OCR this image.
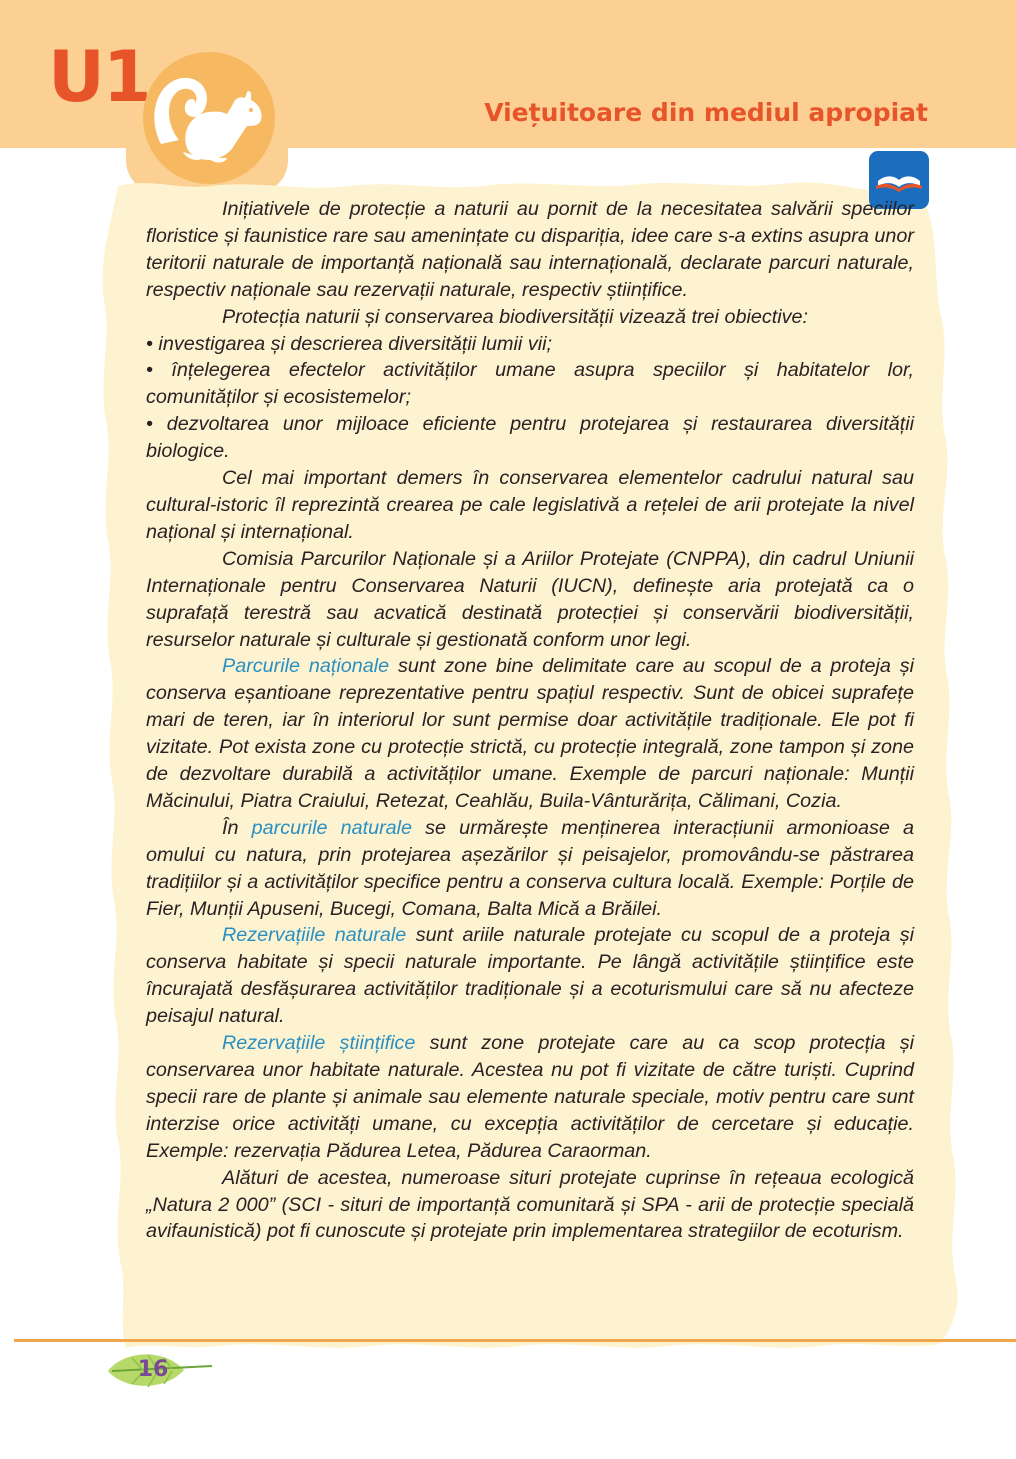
U1	Viețuitoare din mediul apropiat

Inițiativele de protecție a naturii au pornit de la necesitatea salvării speciilor floristice și faunistice rare sau amenințate cu dispariția, idee care s-a extins asupra unor teritorii naturale de importanță națională sau internațională, declarate parcuri naturale, respectiv naționale sau rezervații naturale, respectiv științifice.

Protecția naturii și conservarea biodiversității vizează trei obiective:

• investigarea și descrierea diversității lumii vii;

• înțelegerea efectelor activităților umane asupra speciilor și habitatelor lor, comunităților și ecosistemelor;

• dezvoltarea unor mijloace eficiente pentru protejarea și restaurarea diversității biologice.

Cel mai important demers în conservarea elementelor cadrului natural sau cultural-istoric îl reprezintă crearea pe cale legislativă a rețelei de arii protejate la nivel național și internațional.

Comisia Parcurilor Naționale și a Ariilor Protejate (CNPPA), din cadrul Uniunii Internaționale pentru Conservarea Naturii (IUCN), definește aria protejată ca o suprafață terestră sau acvatică destinată protecției și conservării biodiversității, resurselor naturale și culturale și gestionată conform unor legi.

Parcurile naționale sunt zone bine delimitate care au scopul de a proteja și conserva eșantioane reprezentative pentru spațiul respectiv. Sunt de obicei suprafețe mari de teren, iar în interiorul lor sunt permise doar activitățile tradiționale. Ele pot fi vizitate. Pot exista zone cu protecție strictă, cu protecție integrală, zone tampon și zone de dezvoltare durabilă a activităților umane. Exemple de parcuri naționale: Munții Măcinului, Piatra Craiului, Retezat, Ceahlău, Buila-Vânturărița, Călimani, Cozia.

În parcurile naturale se urmărește menținerea interacțiunii armonioase a omului cu natura, prin protejarea așezărilor și peisajelor, promovându-se păstrarea tradițiilor și a activităților specifice pentru a conserva cultura locală. Exemple: Porțile de Fier, Munții Apuseni, Bucegi, Comana, Balta Mică a Brăilei.

Rezervațiile naturale sunt ariile naturale protejate cu scopul de a proteja și conserva habitate și specii naturale importante. Pe lângă activitățile științifice este încurajată desfășurarea activităților tradiționale și a ecoturismului care să nu afecteze peisajul natural.

Rezervațiile științifice sunt zone protejate care au ca scop protecția și conservarea unor habitate naturale. Acestea nu pot fi vizitate de către turiști. Cuprind specii rare de plante și animale sau elemente naturale speciale, motiv pentru care sunt interzise orice activități umane, cu excepția activităților de cercetare și educație. Exemple: rezervația Pădurea Letea, Pădurea Caraorman.

Alături de acestea, numeroase situri protejate cuprinse în rețeaua ecologică „Natura 2 000” (SCI - situri de importanță comunitară și SPA - arii de protecție specială avifaunistică) pot fi cunoscute și protejate prin implementarea strategiilor de ecoturism.

16
